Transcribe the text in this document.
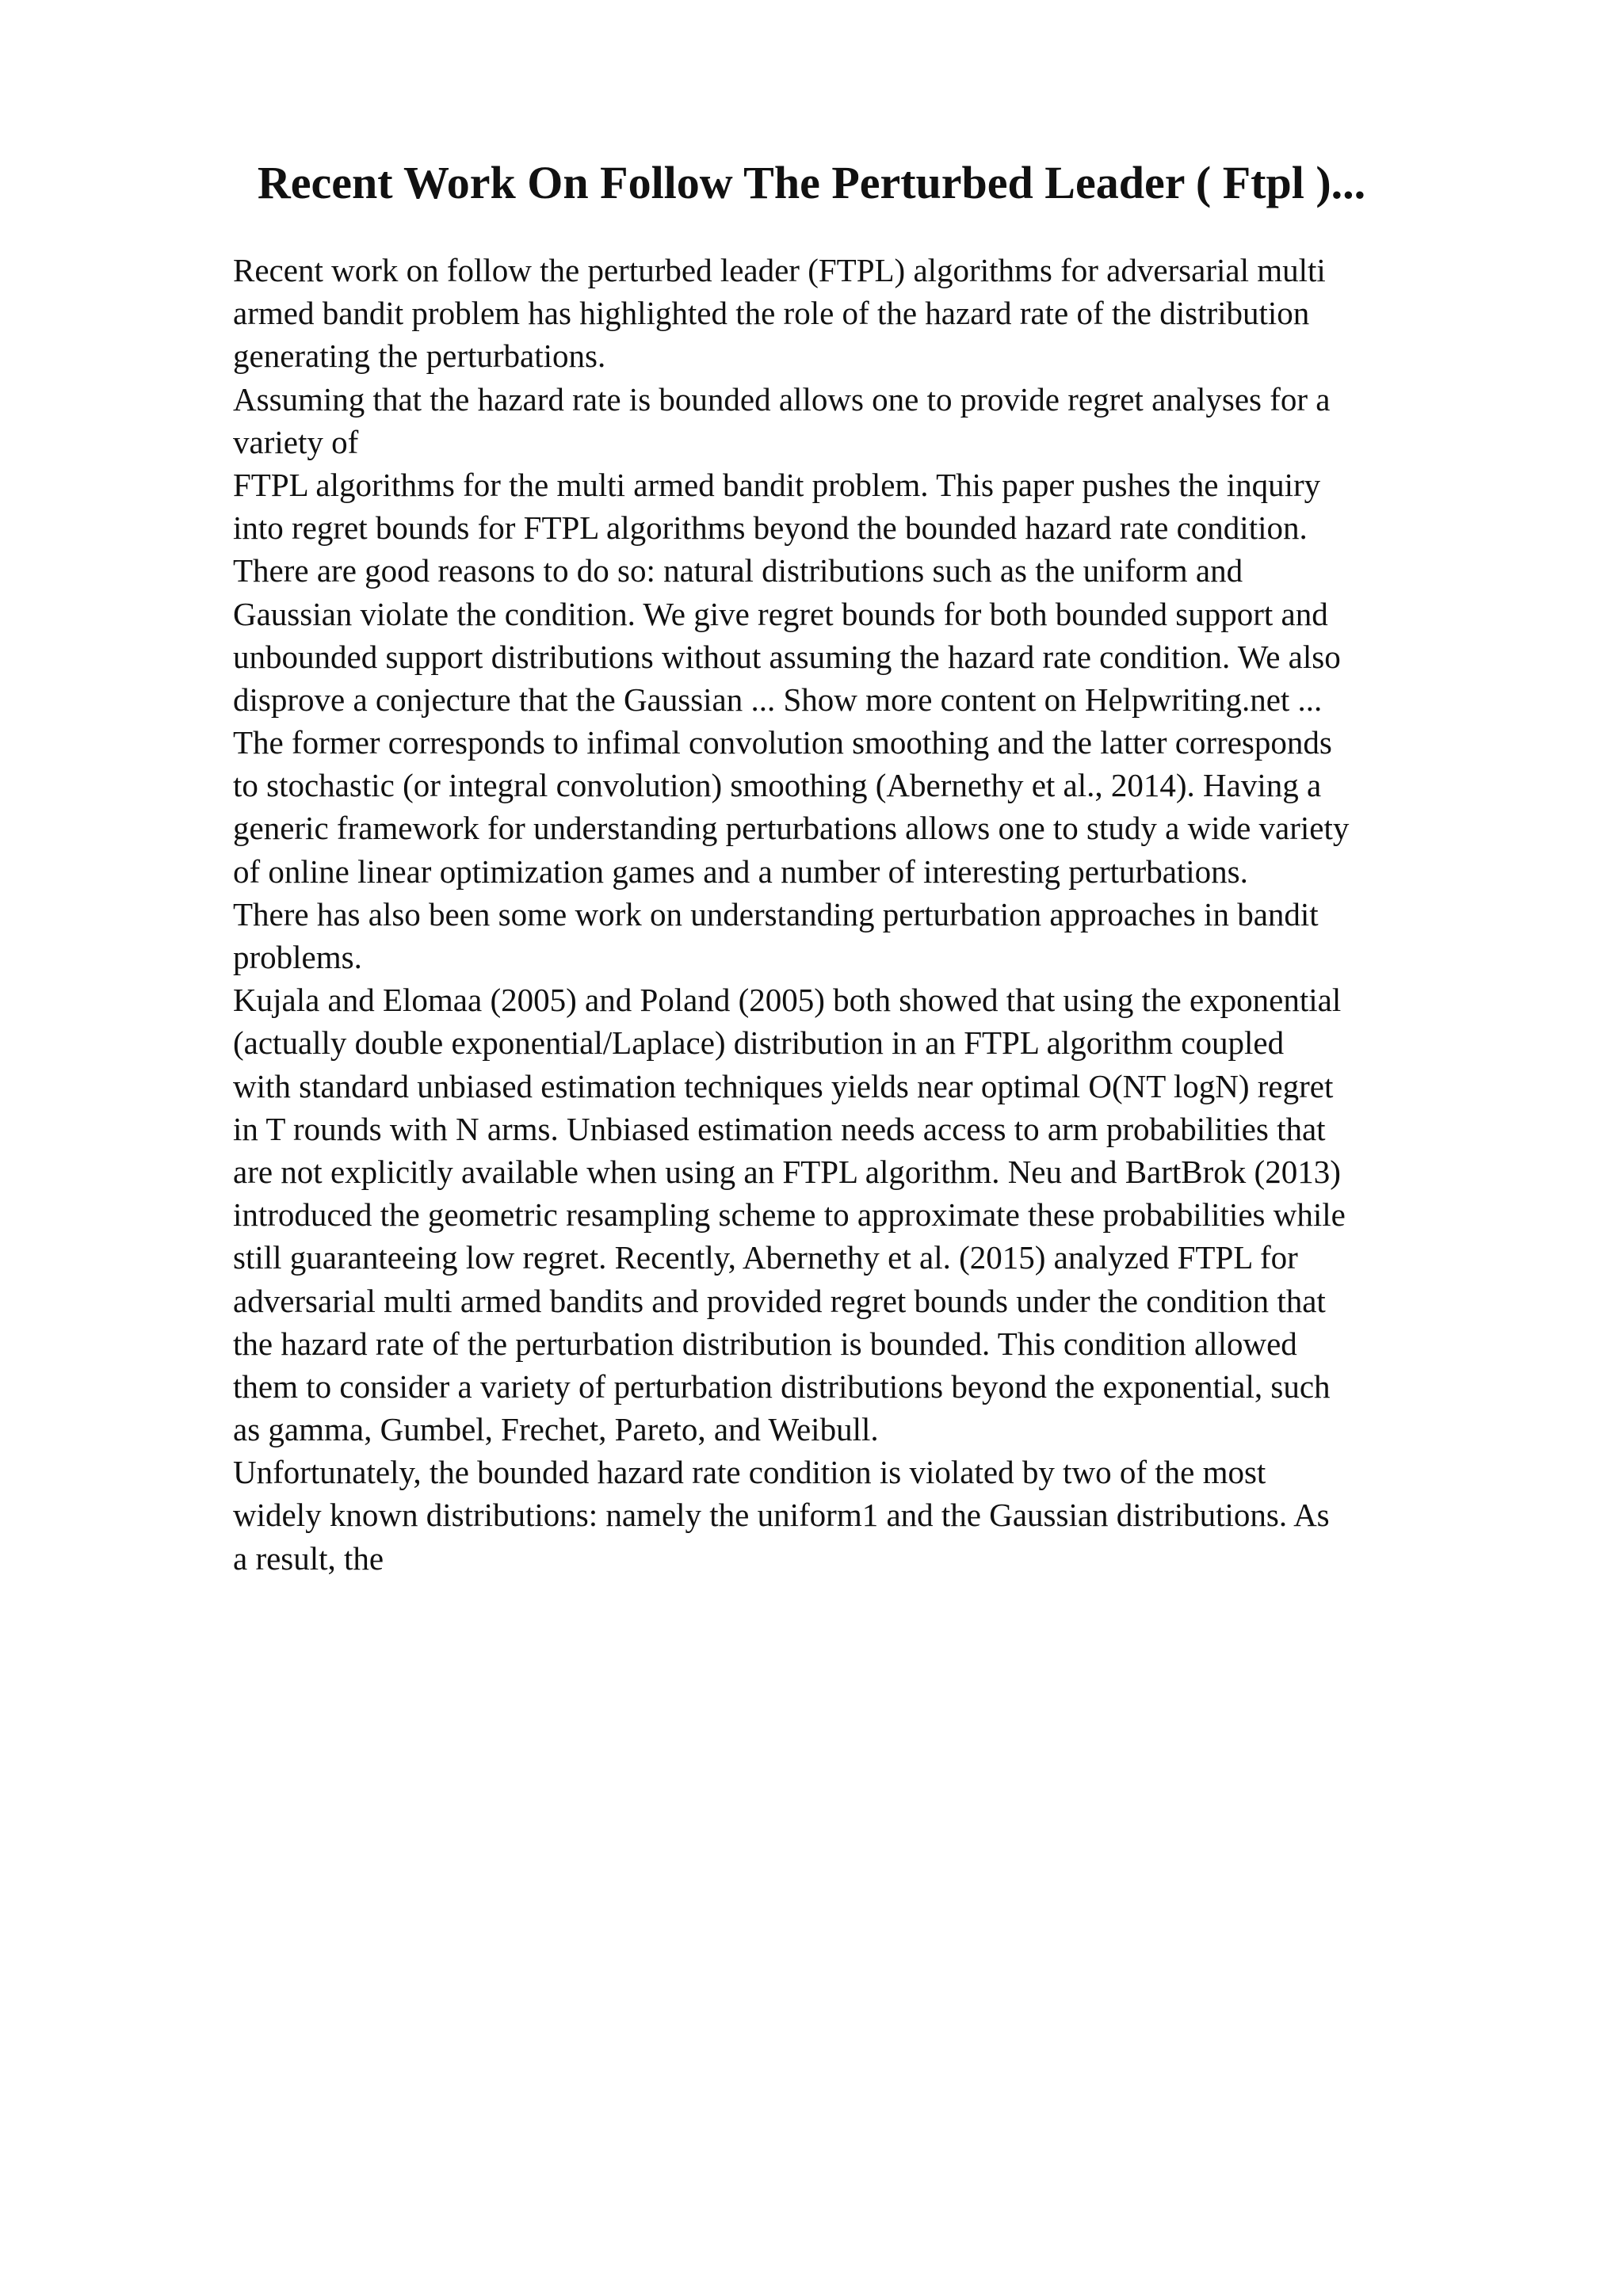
Recent Work On Follow The Perturbed Leader ( Ftpl )...
Recent work on follow the perturbed leader (FTPL) algorithms for adversarial multi
armed bandit problem has highlighted the role of the hazard rate of the distribution
generating the perturbations.
Assuming that the hazard rate is bounded allows one to provide regret analyses for a
variety of
FTPL algorithms for the multi armed bandit problem. This paper pushes the inquiry
into regret bounds for FTPL algorithms beyond the bounded hazard rate condition.
There are good reasons to do so: natural distributions such as the uniform and
Gaussian violate the condition. We give regret bounds for both bounded support and
unbounded support distributions without assuming the hazard rate condition. We also
disprove a conjecture that the Gaussian ... Show more content on Helpwriting.net ...
The former corresponds to infimal convolution smoothing and the latter corresponds
to stochastic (or integral convolution) smoothing (Abernethy et al., 2014). Having a
generic framework for understanding perturbations allows one to study a wide variety
of online linear optimization games and a number of interesting perturbations.
There has also been some work on understanding perturbation approaches in bandit
problems.
Kujala and Elomaa (2005) and Poland (2005) both showed that using the exponential
(actually double exponential/Laplace) distribution in an FTPL algorithm coupled
with standard unbiased estimation techniques yields near optimal O(NT logN) regret
in T rounds with N arms. Unbiased estimation needs access to arm probabilities that
are not explicitly available when using an FTPL algorithm. Neu and BartBrok (2013)
introduced the geometric resampling scheme to approximate these probabilities while
still guaranteeing low regret. Recently, Abernethy et al. (2015) analyzed FTPL for
adversarial multi armed bandits and provided regret bounds under the condition that
the hazard rate of the perturbation distribution is bounded. This condition allowed
them to consider a variety of perturbation distributions beyond the exponential, such
as gamma, Gumbel, Frechet, Pareto, and Weibull.
Unfortunately, the bounded hazard rate condition is violated by two of the most
widely known distributions: namely the uniform1 and the Gaussian distributions. As
a result, the
